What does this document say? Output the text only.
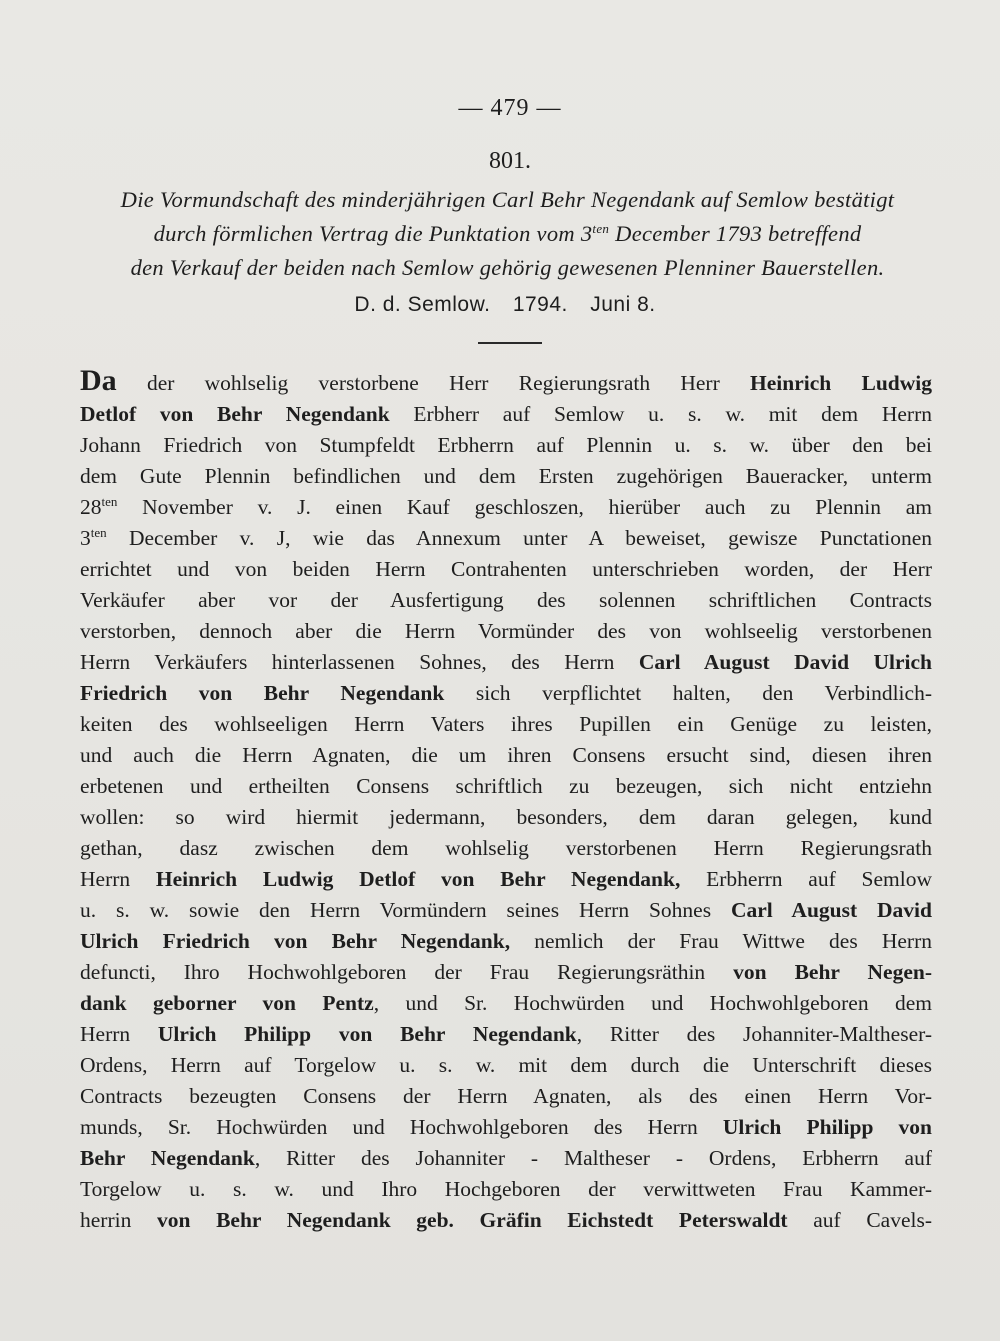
— 479 —
801.
Die Vormundschaft des minderjährigen Carl Behr Negendank auf Semlow bestätigt
durch förmlichen Vertrag die Punktation vom $3^{ten}$ December 1793 betreffend
den Verkauf der beiden nach Semlow gehörig gewesenen Plenniner Bauerstellen.
D. d. Semlow. 1794. Juni 8.
Da der wohlselig verstorbene Herr Regierungsrath Herr Heinrich Ludwig
Detlof von Behr Negendank Erbherr auf Semlow u. s. w. mit dem Herrn
Johann Friedrich von Stumpfeldt Erbherrn auf Plennin u. s. w. über den bei
dem Gute Plennin befindlichen und dem Ersten zugehörigen Baueracker, unterm
$28^{ten}$ November v. J. einen Kauf geschloszen, hierüber auch zu Plennin am
$3^{ten}$ December v. J, wie das Annexum unter A beweiset, gewisze Punctationen
errichtet und von beiden Herrn Contrahenten unterschrieben worden, der Herr
Verkäufer aber vor der Ausfertigung des solennen schriftlichen Contracts
verstorben, dennoch aber die Herrn Vormünder des von wohlseelig verstorbenen
Herrn Verkäufers hinterlassenen Sohnes, des Herrn Carl August David Ulrich
Friedrich von Behr Negendank sich verpflichtet halten, den Verbindlich-
keiten des wohlseeligen Herrn Vaters ihres Pupillen ein Genüge zu leisten,
und auch die Herrn Agnaten, die um ihren Consens ersucht sind, diesen ihren
erbetenen und ertheilten Consens schriftlich zu bezeugen, sich nicht entziehn
wollen: so wird hiermit jedermann, besonders, dem daran gelegen, kund
gethan, dasz zwischen dem wohlselig verstorbenen Herrn Regierungsrath
Herrn Heinrich Ludwig Detlof von Behr Negendank, Erbherrn auf Semlow
u. s. w. sowie den Herrn Vormündern seines Herrn Sohnes Carl August David
Ulrich Friedrich von Behr Negendank, nemlich der Frau Wittwe des Herrn
defuncti, Ihro Hochwohlgeboren der Frau Regierungsräthin von Behr Negen-
dank geborner von Pentz, und Sr. Hochwürden und Hochwohlgeboren dem
Herrn Ulrich Philipp von Behr Negendank, Ritter des Johanniter-Maltheser-
Ordens, Herrn auf Torgelow u. s. w. mit dem durch die Unterschrift dieses
Contracts bezeugten Consens der Herrn Agnaten, als des einen Herrn Vor-
munds, Sr. Hochwürden und Hochwohlgeboren des Herrn Ulrich Philipp von
Behr Negendank, Ritter des Johanniter - Maltheser - Ordens, Erbherrn auf
Torgelow u. s. w. und Ihro Hochgeboren der verwittweten Frau Kammer-
herrin von Behr Negendank geb. Gräfin Eichstedt Peterswaldt auf Cavels-
